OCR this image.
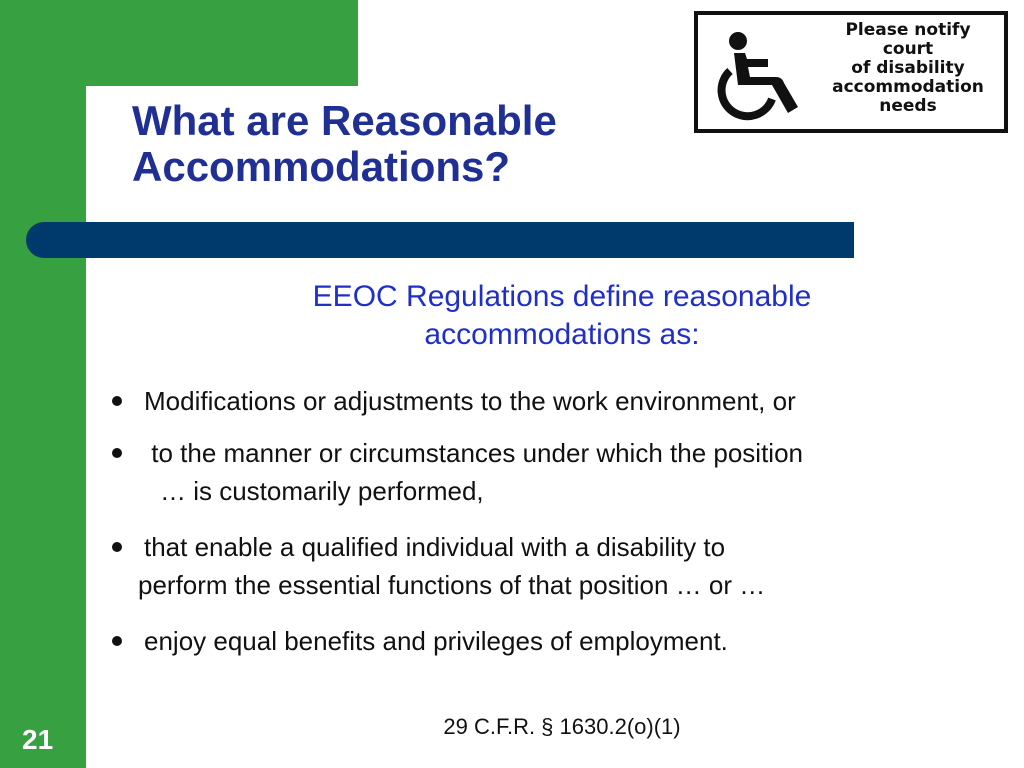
What are Reasonable
Accommodations?
Please notify
court
of disability
accommodation
needs
EEOC Regulations define reasonable
accommodations as:
Modifications or adjustments to the work environment, or
to the manner or circumstances under which the position
… is customarily performed,
that enable a qualified individual with a disability to
perform the essential functions of that position … or …
enjoy equal benefits and privileges of employment.
29 C.F.R. § 1630.2(o)(1)
21
